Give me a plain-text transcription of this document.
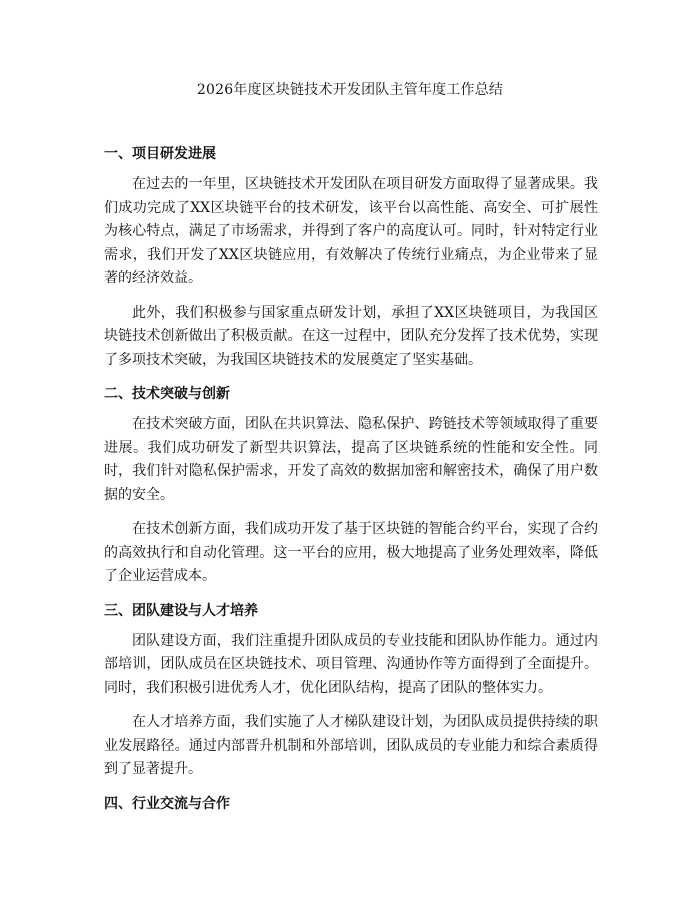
2026年度区块链技术开发团队主管年度工作总结
一、项目研发进展

在过去的一年里，区块链技术开发团队在项目研发方面取得了显著成果。我们成功完成了XX区块链平台的技术研发，该平台以高性能、高安全、可扩展性为核心特点，满足了市场需求，并得到了客户的高度认可。同时，针对特定行业需求，我们开发了XX区块链应用，有效解决了传统行业痛点，为企业带来了显著的经济效益。

此外，我们积极参与国家重点研发计划，承担了XX区块链项目，为我国区块链技术创新做出了积极贡献。在这一过程中，团队充分发挥了技术优势，实现了多项技术突破，为我国区块链技术的发展奠定了坚实基础。

二、技术突破与创新

在技术突破方面，团队在共识算法、隐私保护、跨链技术等领域取得了重要进展。我们成功研发了新型共识算法，提高了区块链系统的性能和安全性。同时，我们针对隐私保护需求，开发了高效的数据加密和解密技术，确保了用户数据的安全。

在技术创新方面，我们成功开发了基于区块链的智能合约平台，实现了合约的高效执行和自动化管理。这一平台的应用，极大地提高了业务处理效率，降低了企业运营成本。

三、团队建设与人才培养

团队建设方面，我们注重提升团队成员的专业技能和团队协作能力。通过内部培训，团队成员在区块链技术、项目管理、沟通协作等方面得到了全面提升。同时，我们积极引进优秀人才，优化团队结构，提高了团队的整体实力。

在人才培养方面，我们实施了人才梯队建设计划，为团队成员提供持续的职业发展路径。通过内部晋升机制和外部培训，团队成员的专业能力和综合素质得到了显著提升。

四、行业交流与合作
